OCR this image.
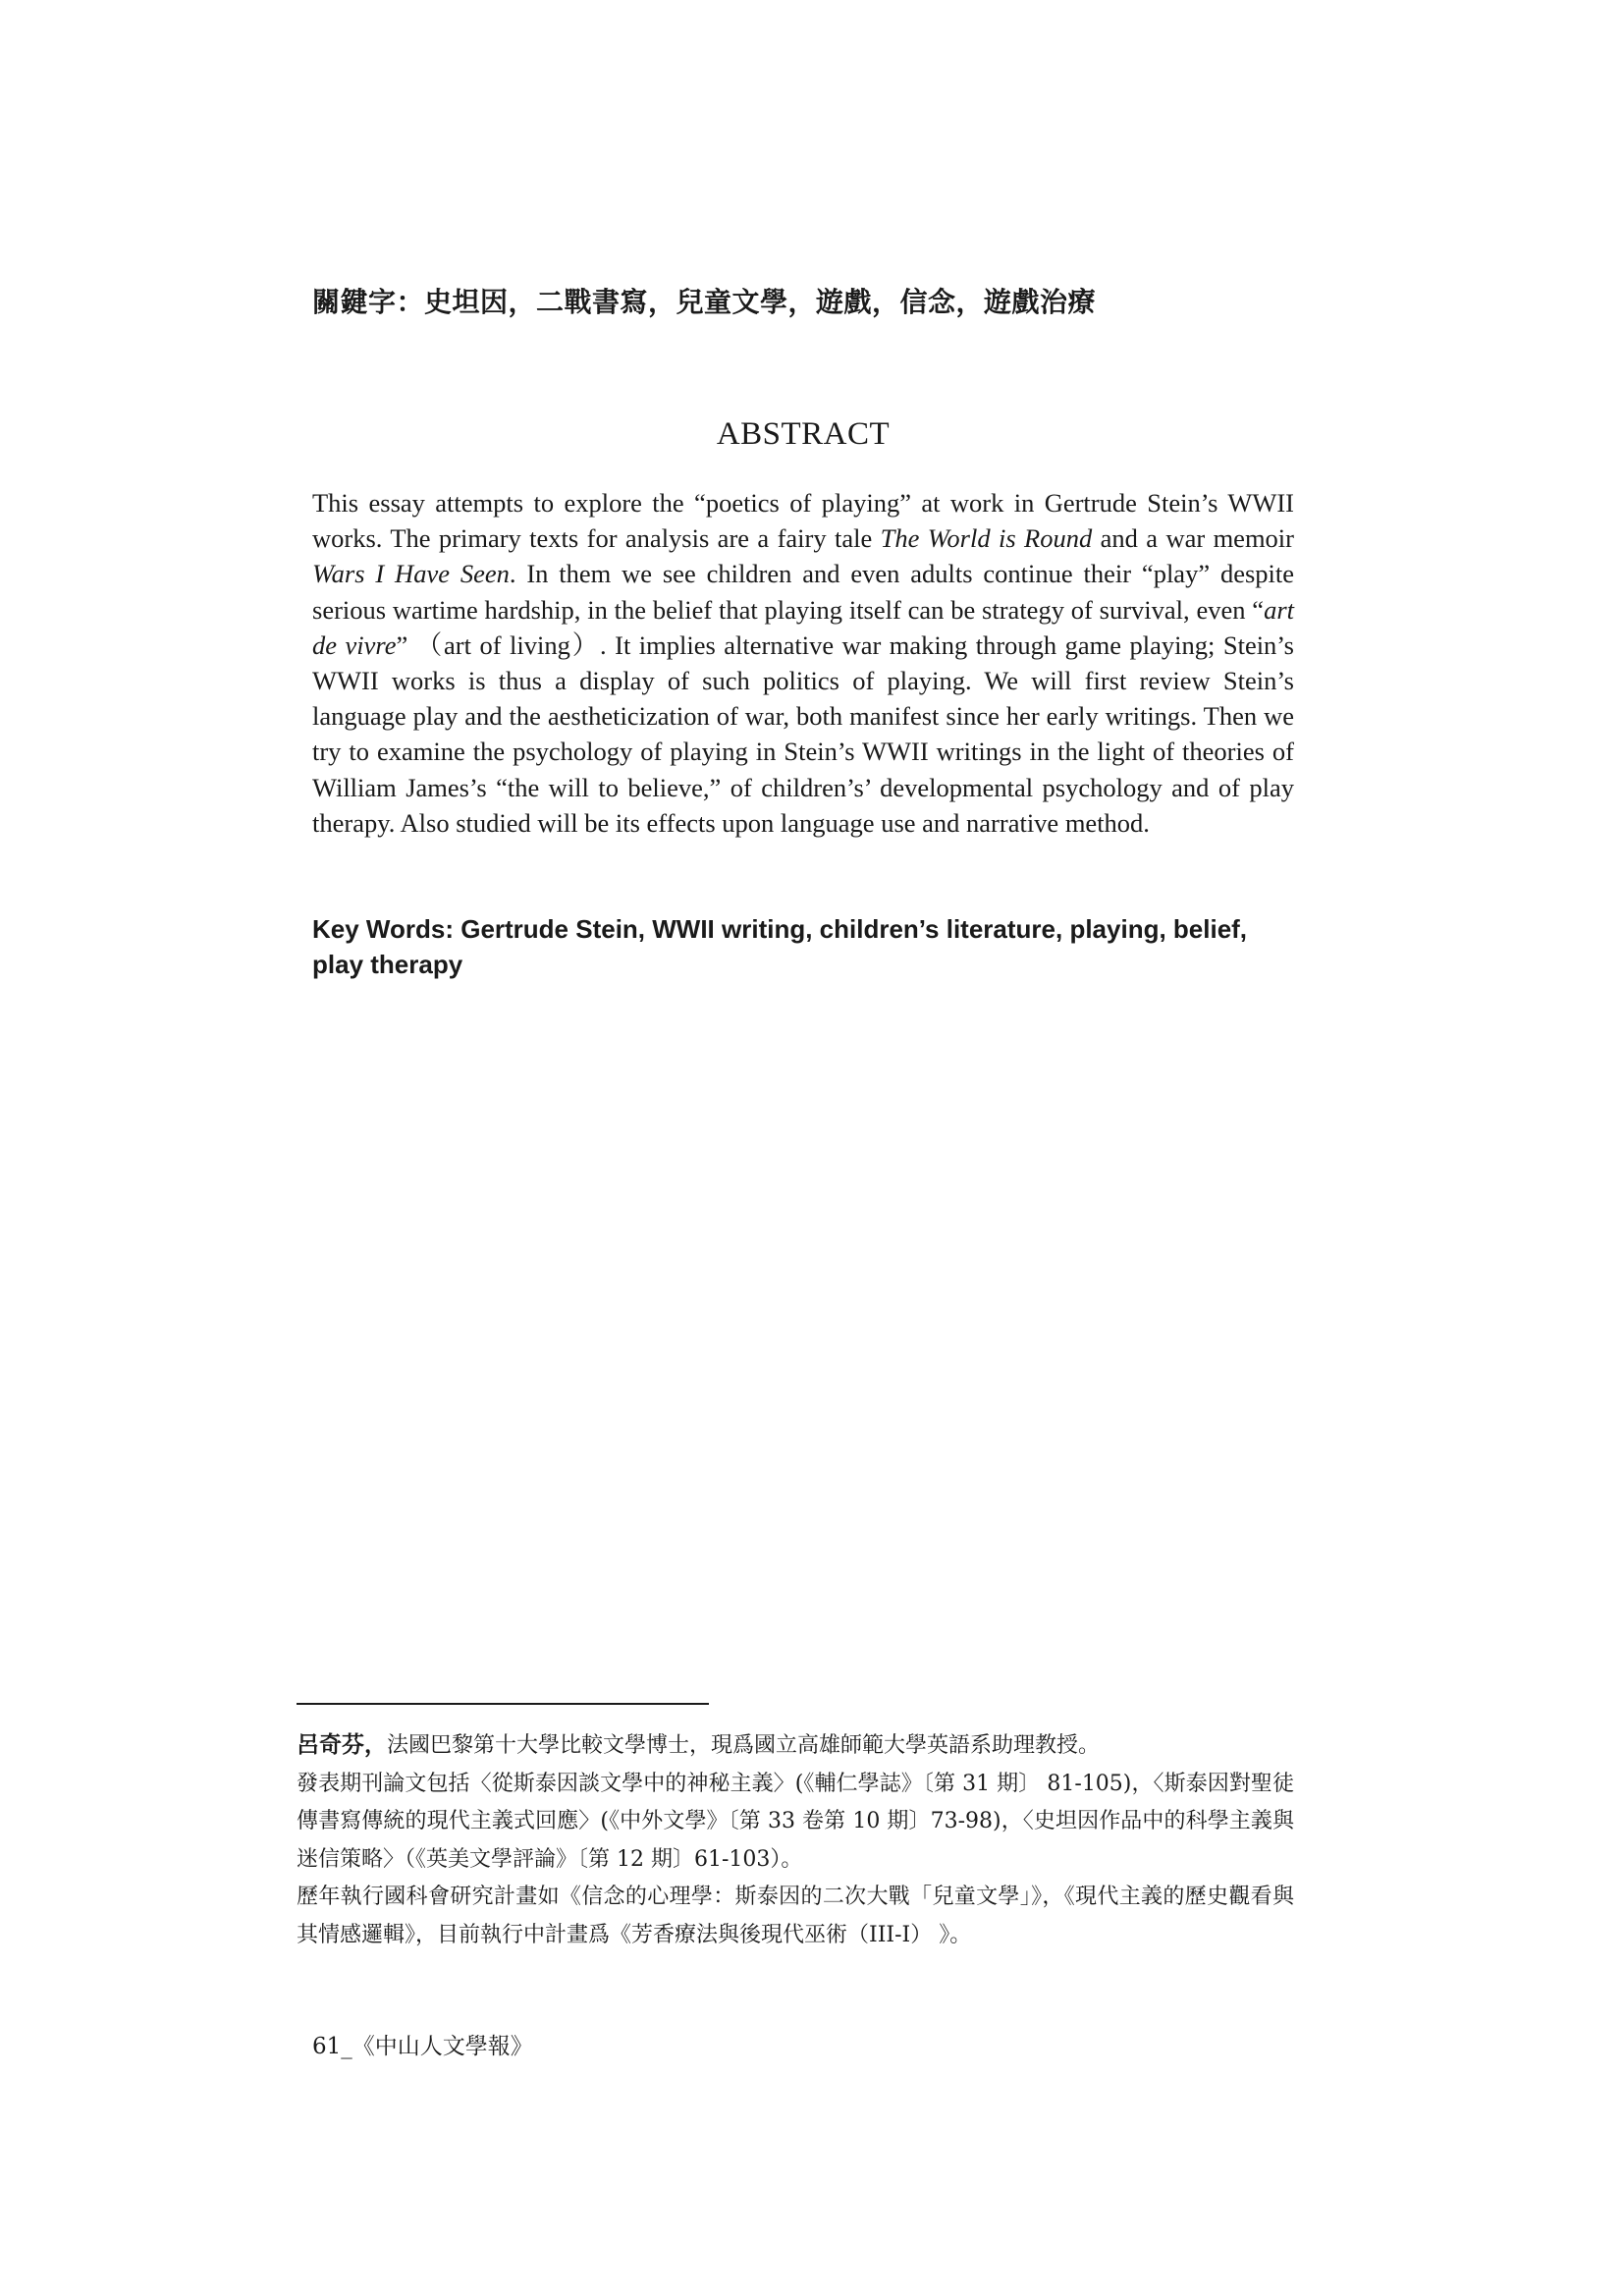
關鍵字：史坦因，二戰書寫，兒童文學，遊戲，信念，遊戲治療
ABSTRACT

This essay attempts to explore the “poetics of playing” at work in Gertrude Stein’s WWII works. The primary texts for analysis are a fairy tale The World is Round and a war memoir Wars I Have Seen. In them we see children and even adults continue their “play” despite serious wartime hardship, in the belief that playing itself can be strategy of survival, even “art de vivre” （art of living）. It implies alternative war making through game playing; Stein’s WWII works is thus a display of such politics of playing. We will first review Stein’s language play and the aestheticization of war, both manifest since her early writings. Then we try to examine the psychology of playing in Stein’s WWII writings in the light of theories of William James’s “the will to believe,” of children’s’ developmental psychology and of play therapy. Also studied will be its effects upon language use and narrative method.

Key Words: Gertrude Stein, WWII writing, children’s literature, playing, belief, play therapy

呂奇芬，法國巴黎第十大學比較文學博士，現爲國立高雄師範大學英語系助理教授。

發表期刊論文包括〈從斯泰因談文學中的神秘主義〉(《輔仁學誌》〔第 31 期〕 81-105)，〈斯泰因對聖徒傳書寫傳統的現代主義式回應〉(《中外文學》〔第 33 卷第 10 期〕73-98)，〈史坦因作品中的科學主義與迷信策略〉（《英美文學評論》〔第 12 期〕61-103）。

歷年執行國科會研究計畫如《信念的心理學：斯泰因的二次大戰「兒童文學」》，《現代主義的歷史觀看與其情感邏輯》，目前執行中計畫爲《芳香療法與後現代巫術（III-I） 》。

61_《中山人文學報》
